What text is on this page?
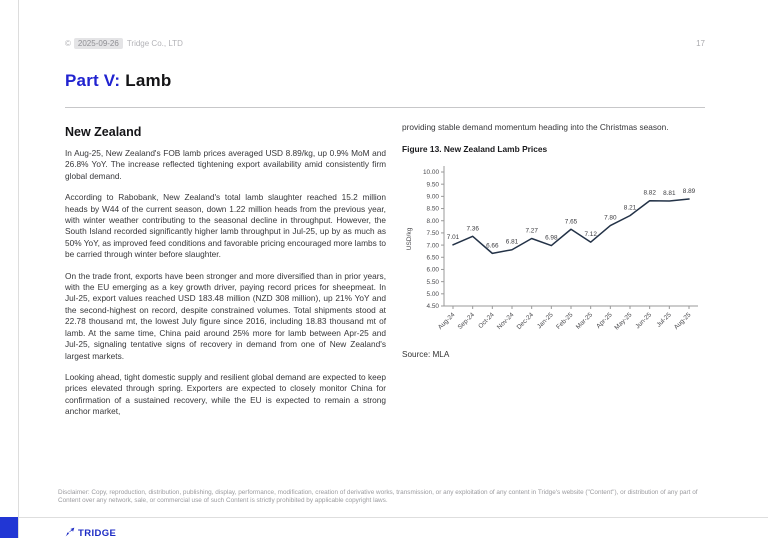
© 2025-09-26	Tridge Co., LTD	17
Part V: Lamb
New Zealand

In Aug-25, New Zealand's FOB lamb prices averaged USD 8.89/kg, up 0.9% MoM and 26.8% YoY. The increase reflected tightening export availability amid consistently firm global demand.

According to Rabobank, New Zealand's total lamb slaughter reached 15.2 million heads by W44 of the current season, down 1.22 million heads from the previous year, with winter weather contributing to the seasonal decline in throughput. However, the South Island recorded significantly higher lamb throughput in Jul-25, up by as much as 50% YoY, as improved feed conditions and favorable pricing encouraged more lambs to be carried through winter before slaughter.

On the trade front, exports have been stronger and more diversified than in prior years, with the EU emerging as a key growth driver, paying record prices for sheepmeat. In Jul-25, export values reached USD 183.48 million (NZD 308 million), up 21% YoY and the second-highest on record, despite constrained volumes. Total shipments stood at 22.78 thousand mt, the lowest July figure since 2016, including 18.83 thousand mt of lamb. At the same time, China paid around 25% more for lamb between Apr-25 and Jul-25, signaling tentative signs of recovery in demand from one of New Zealand's largest markets.

Looking ahead, tight domestic supply and resilient global demand are expected to keep prices elevated through spring. Exporters are expected to closely monitor China for confirmation of a sustained recovery, while the EU is expected to remain a strong anchor market,

providing stable demand momentum heading into the Christmas season.

Figure 13. New Zealand Lamb Prices
4.50
5.00
5.50
6.00
6.50
7.00
7.50
8.00
8.50
9.00
9.50
10.00
USD/kg
Aug-24 Sep-24 Oct-24 Nov-24 Dec-24 Jan-25 Feb-25 Mar-25 Apr-25 May-25 Jun-25 Jul-25 Aug-25
7.01
7.36
6.66
6.81
7.27
6.98
7.65
7.12
7.80
8.21
8.82 8.81 8.89
Source: MLA
Disclaimer: Copy, reproduction, distribution, publishing, display, performance, modification, creation of derivative works, transmission, or any exploitation of any content in Tridge's website ("Content"), or distribution of any part of Content over any network, sale, or commercial use of such Content is strictly prohibited by applicable copyright laws.
TRIDGE
